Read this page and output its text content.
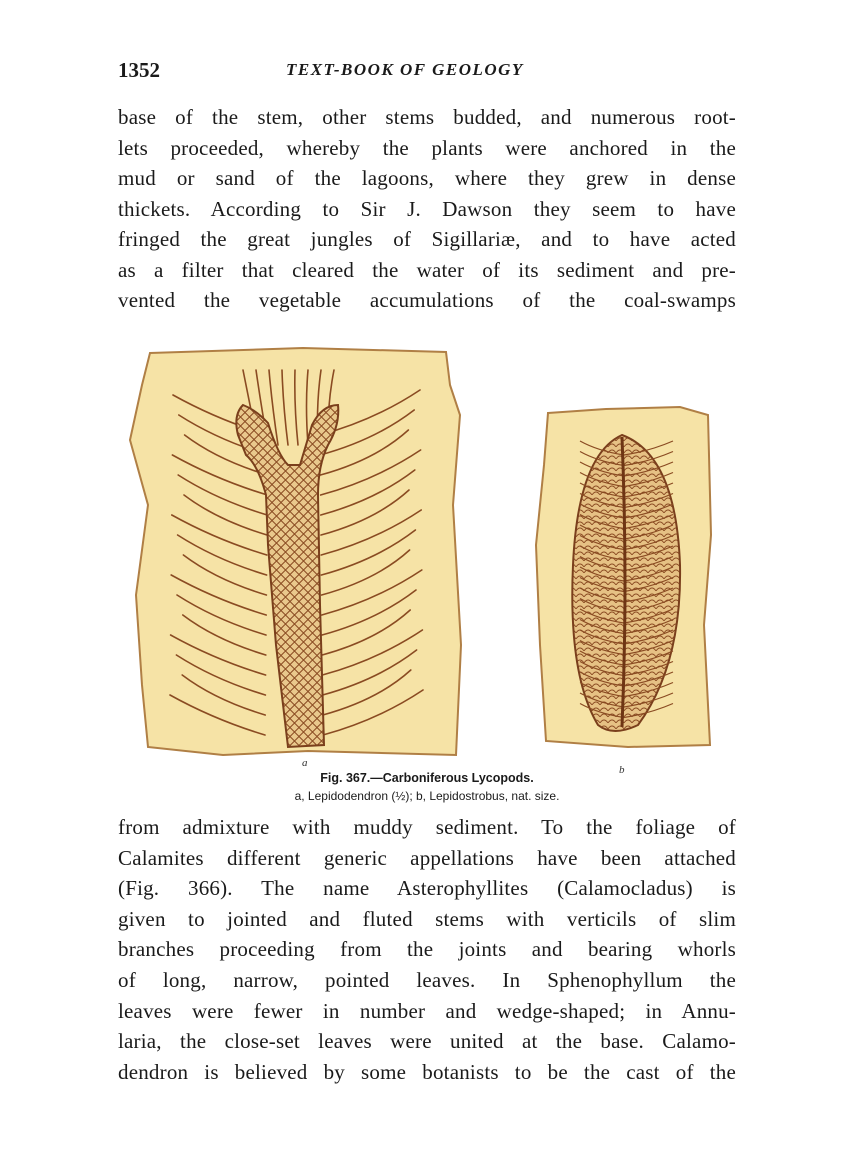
1352	TEXT-BOOK OF GEOLOGY
base of the stem, other stems budded, and numerous root-
lets proceeded, whereby the plants were anchored in the
mud or sand of the lagoons, where they grew in dense
thickets. According to Sir J. Dawson they seem to have
fringed the great jungles of Sigillariæ, and to have acted
as a filter that cleared the water of its sediment and pre-
vented the vegetable accumulations of the coal-swamps
a
b
Fig. 367.—Carboniferous Lycopods.
a, Lepidodendron (½); b, Lepidostrobus, nat. size.
from admixture with muddy sediment. To the foliage of
Calamites different generic appellations have been attached
(Fig. 366). The name Asterophyllites (Calamocladus) is
given to jointed and fluted stems with verticils of slim
branches proceeding from the joints and bearing whorls
of long, narrow, pointed leaves. In Sphenophyllum the
leaves were fewer in number and wedge-shaped; in Annu-
laria, the close-set leaves were united at the base. Calamo-
dendron is believed by some botanists to be the cast of the
